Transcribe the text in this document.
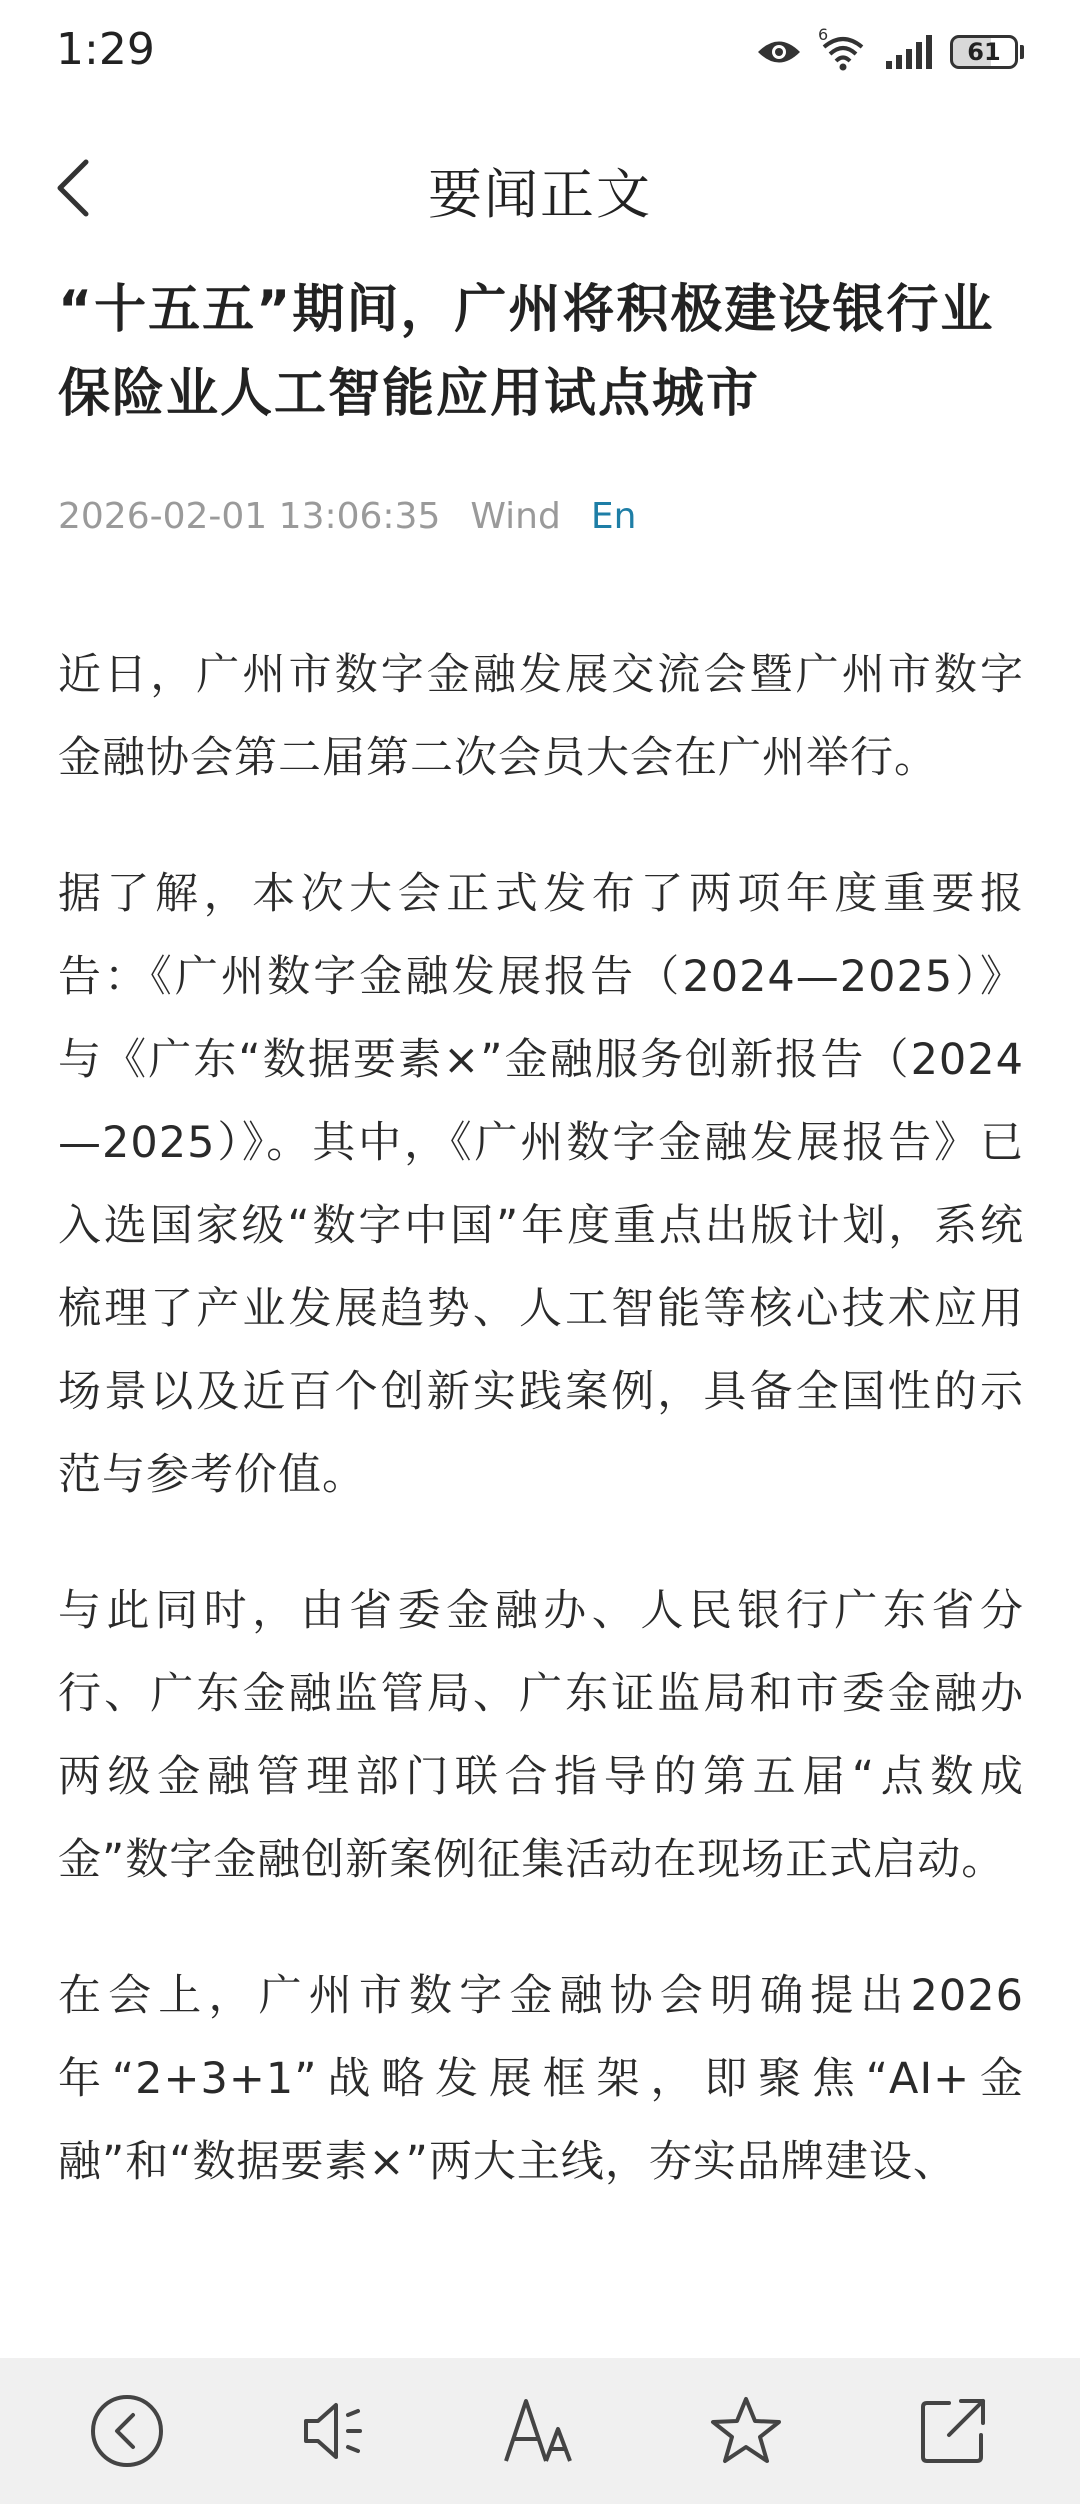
1:29	6
61
要闻正文
“十五五”期间，广州将积极建设银行业保险业人工智能应用试点城市
2026-02-01 13:06:35 Wind En

近日，广州市数字金融发展交流会暨广州市数字金融协会第二届第二次会员大会在广州举行。

据了解，本次大会正式发布了两项年度重要报告：《广州数字金融发展报告（2024—2025）》与《广东“数据要素×”金融服务创新报告（2024—2025）》。其中，《广州数字金融发展报告》已入选国家级“数字中国”年度重点出版计划，系统梳理了产业发展趋势、人工智能等核心技术应用场景以及近百个创新实践案例，具备全国性的示范与参考价值。

与此同时，由省委金融办、人民银行广东省分行、广东金融监管局、广东证监局和市委金融办两级金融管理部门联合指导的第五届“点数成金”数字金融创新案例征集活动在现场正式启动。

在会上，广州市数字金融协会明确提出2026年“2+3+1”战略发展框架，即聚焦“AI+金融”和“数据要素×”两大主线，夯实品牌建设、
